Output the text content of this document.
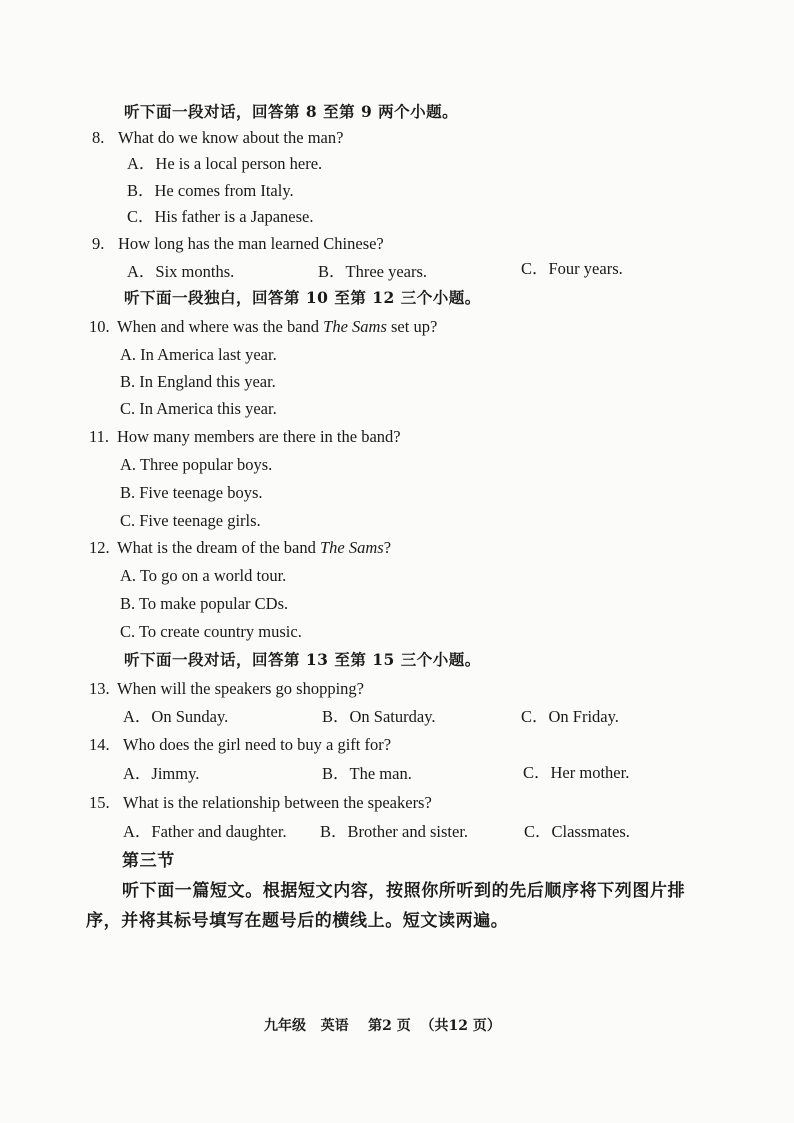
听下面一段对话，回答第 8 至第 9 两个小题。
8. What do we know about the man?
A．He is a local person here.
B．He comes from Italy.
C．His father is a Japanese.
9. How long has the man learned Chinese?
A．Six months.	B．Three years.	C．Four years.
听下面一段独白，回答第 10 至第 12 三个小题。
10. When and where was the band The Sams set up?
A. In America last year.
B. In England this year.
C. In America this year.
11. How many members are there in the band?
A. Three popular boys.
B. Five teenage boys.
C. Five teenage girls.
12. What is the dream of the band The Sams?
A. To go on a world tour.
B. To make popular CDs.
C. To create country music.
听下面一段对话，回答第 13 至第 15 三个小题。
13. When will the speakers go shopping?
A．On Sunday.	B．On Saturday.	C．On Friday.
14. Who does the girl need to buy a gift for?
A．Jimmy.	B．The man.	C．Her mother.
15. What is the relationship between the speakers?
A．Father and daughter. B．Brother and sister.	C．Classmates.
第三节
听下面一篇短文。根据短文内容，按照你所听到的先后顺序将下列图片排
序，并将其标号填写在题号后的横线上。短文读两遍。
九年级 英语 第2 页 （共12 页）
